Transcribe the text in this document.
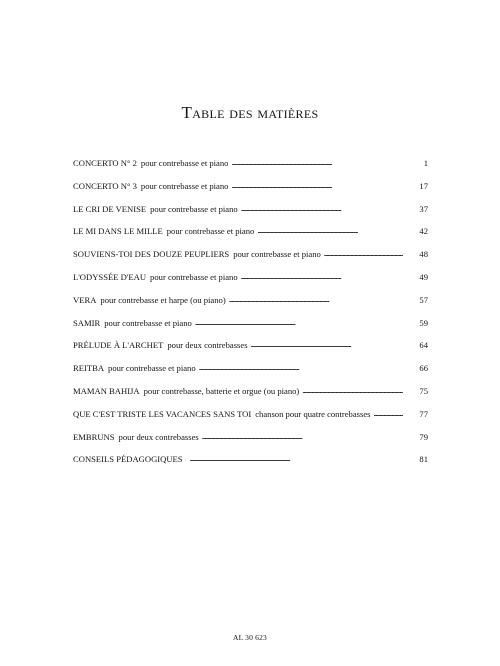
Table des matières
CONCERTO N° 2 pour contrebasse et piano . . .	1
CONCERTO N° 3 pour contrebasse et piano . . .	17
LE CRI DE VENISE pour contrebasse et piano . . .	37
LE MI DANS LE MILLE pour contrebasse et piano . . .	42
SOUVIENS-TOI DES DOUZE PEUPLIERS pour contrebasse et piano . . .	48
L'ODYSSÉE D'EAU pour contrebasse et piano . . .	49
VERA pour contrebasse et harpe (ou piano) . . .	57
SAMIR pour contrebasse et piano . . .	59
PRÉLUDE À L'ARCHET pour deux contrebasses . . .	64
REITBA pour contrebasse et piano . . .	66
MAMAN BAHIJA pour contrebasse, batterie et orgue (ou piano) . . .	75
QUE C'EST TRISTE LES VACANCES SANS TOI chanson pour quatre contrebasses . . .	77
EMBRUNS pour deux contrebasses . . .	79
CONSEILS PÉDAGOGIQUES . . .	81
AL 30 623
